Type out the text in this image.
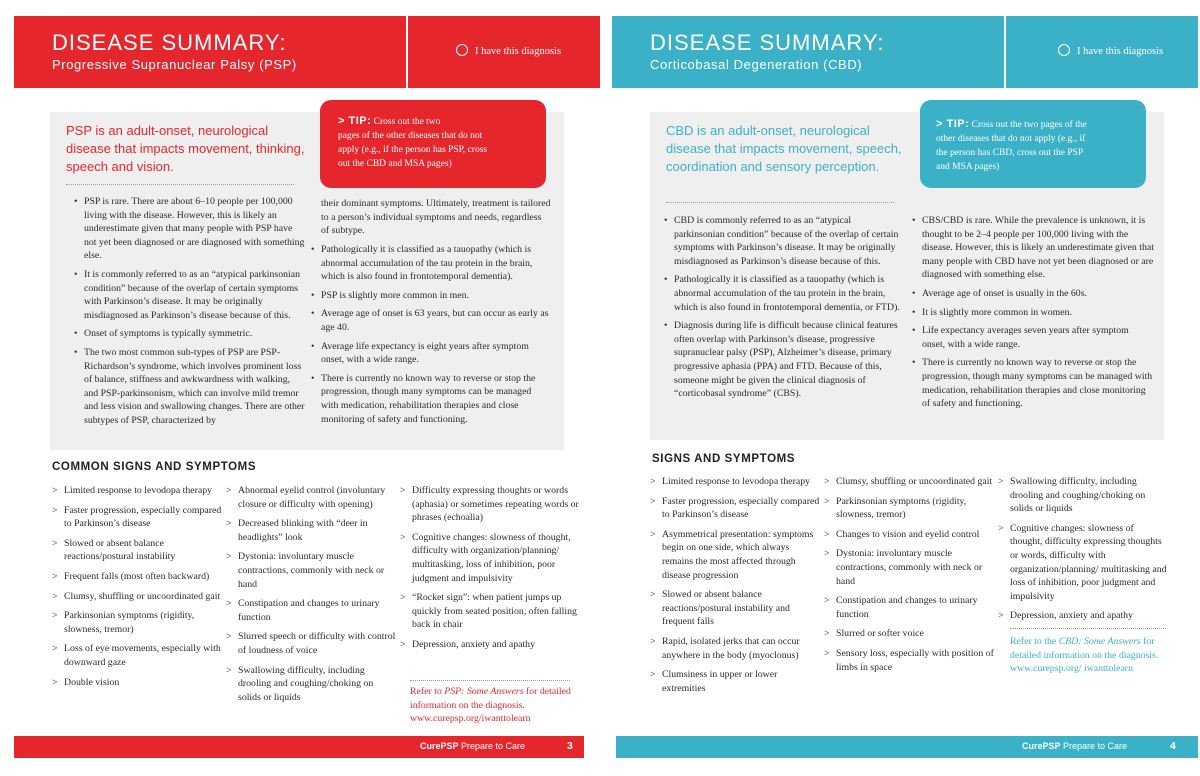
DISEASE SUMMARY:
Progressive Supranuclear Palsy (PSP)
I have this diagnosis
PSP is an adult-onset, neurological disease that impacts movement, thinking, speech and vision.
> TIP: Cross out the two
pages of the other diseases that do not
apply (e.g., if the person has PSP, cross
out the CBD and MSA pages)
• PSP is rare. There are about 6–10 people per 100,000 living with the disease. However, this is likely an underestimate given that many people with PSP have not yet been diagnosed or are diagnosed with something else.
• It is commonly referred to as an “atypical parkinsonian condition” because of the overlap of certain symptoms with Parkinson’s disease. It may be originally misdiagnosed as Parkinson’s disease because of this.
• Onset of symptoms is typically symmetric.
• The two most common sub-types of PSP are PSP-Richardson’s syndrome, which involves prominent loss of balance, stiffness and awkwardness with walking, and PSP-parkinsonism, which can involve mild tremor and less vision and swallowing changes. There are other subtypes of PSP, characterized by
their dominant symptoms. Ultimately, treatment is tailored to a person’s individual symptoms and needs, regardless of subtype.
• Pathologically it is classified as a tauopathy (which is abnormal accumulation of the tau protein in the brain, which is also found in frontotemporal dementia).
• PSP is slightly more common in men.
• Average age of onset is 63 years, but can occur as early as age 40.
• Average life expectancy is eight years after symptom onset, with a wide range.
• There is currently no known way to reverse or stop the progression, though many symptoms can be managed with medication, rehabilitation therapies and close monitoring of safety and functioning.
COMMON SIGNS AND SYMPTOMS
> Limited response to levodopa therapy
> Faster progression, especially compared to Parkinson’s disease
> Slowed or absent balance reactions/postural instability
> Frequent falls (most often backward)
> Clumsy, shuffling or uncoordinated gait
> Parkinsonian symptoms (rigidity, slowness, tremor)
> Loss of eye movements, especially with downward gaze
> Double vision
> Abnormal eyelid control (involuntary closure or difficulty with opening)
> Decreased blinking with “deer in headlights” look
> Dystonia: involuntary muscle contractions, commonly with neck or hand
> Constipation and changes to urinary function
> Slurred speech or difficulty with control of loudness of voice
> Swallowing difficulty, including drooling and coughing/choking on solids or liquids
> Difficulty expressing thoughts or words (aphasia) or sometimes repeating words or phrases (echoalia)
> Cognitive changes: slowness of thought, difficulty with organization/planning/ multitasking, loss of inhibition, poor judgment and impulsivity
> “Rocket sign”: when patient jumps up quickly from seated position, often falling back in chair
> Depression, anxiety and apathy
Refer to PSP: Some Answers for detailed information on the diagnosis. www.curepsp.org/iwanttolearn
CurePSP Prepare to Care	3
DISEASE SUMMARY:
Corticobasal Degeneration (CBD)
I have this diagnosis
CBD is an adult-onset, neurological disease that impacts movement, speech, coordination and sensory perception.
> TIP: Cross out the two pages of the
other diseases that do not apply (e.g., if
the person has CBD, cross out the PSP
and MSA pages)
• CBD is commonly referred to as an “atypical parkinsonian condition” because of the overlap of certain symptoms with Parkinson’s disease. It may be originally misdiagnosed as Parkinson’s disease because of this.
• Pathologically it is classified as a tauopathy (which is abnormal accumulation of the tau protein in the brain, which is also found in frontotemporal dementia, or FTD).
• Diagnosis during life is difficult because clinical features often overlap with Parkinson’s disease, progressive supranuclear palsy (PSP), Alzheimer’s disease, primary progressive aphasia (PPA) and FTD. Because of this, someone might be given the clinical diagnosis of “corticobasal syndrome” (CBS).
• CBS/CBD is rare. While the prevalence is unknown, it is thought to be 2–4 people per 100,000 living with the disease. However, this is likely an underestimate given that many people with CBD have not yet been diagnosed or are diagnosed with something else.
• Average age of onset is usually in the 60s.
• It is slightly more common in women.
• Life expectancy averages seven years after symptom onset, with a wide range.
• There is currently no known way to reverse or stop the progression, though many symptoms can be managed with medication, rehabilitation therapies and close monitoring of safety and functioning.
SIGNS AND SYMPTOMS
> Limited response to levodopa therapy
> Faster progression, especially compared to Parkinson’s disease
> Asymmetrical presentation: symptoms begin on one side, which always remains the most affected through disease progression
> Slowed or absent balance reactions/postural instability and frequent falls
> Rapid, isolated jerks that can occur anywhere in the body (myoclonus)
> Clumsiness in upper or lower extremities
> Clumsy, shuffling or uncoordinated gait
> Parkinsonian symptoms (rigidity, slowness, tremor)
> Changes to vision and eyelid control
> Dystonia: involuntary muscle contractions, commonly with neck or hand
> Constipation and changes to urinary function
> Slurred or softer voice
> Sensory loss, especially with position of limbs in space
> Swallowing difficulty, including drooling and coughing/choking on solids or liquids
> Cognitive changes: slowness of thought, difficulty expressing thoughts or words, difficulty with organization/planning/ multitasking and loss of inhibition, poor judgment and impulsivity
> Depression, anxiety and apathy
Refer to the CBD: Some Answers for detailed information on the diagnosis. www.curepsp.org/ iwanttolearn
CurePSP Prepare to Care	4
